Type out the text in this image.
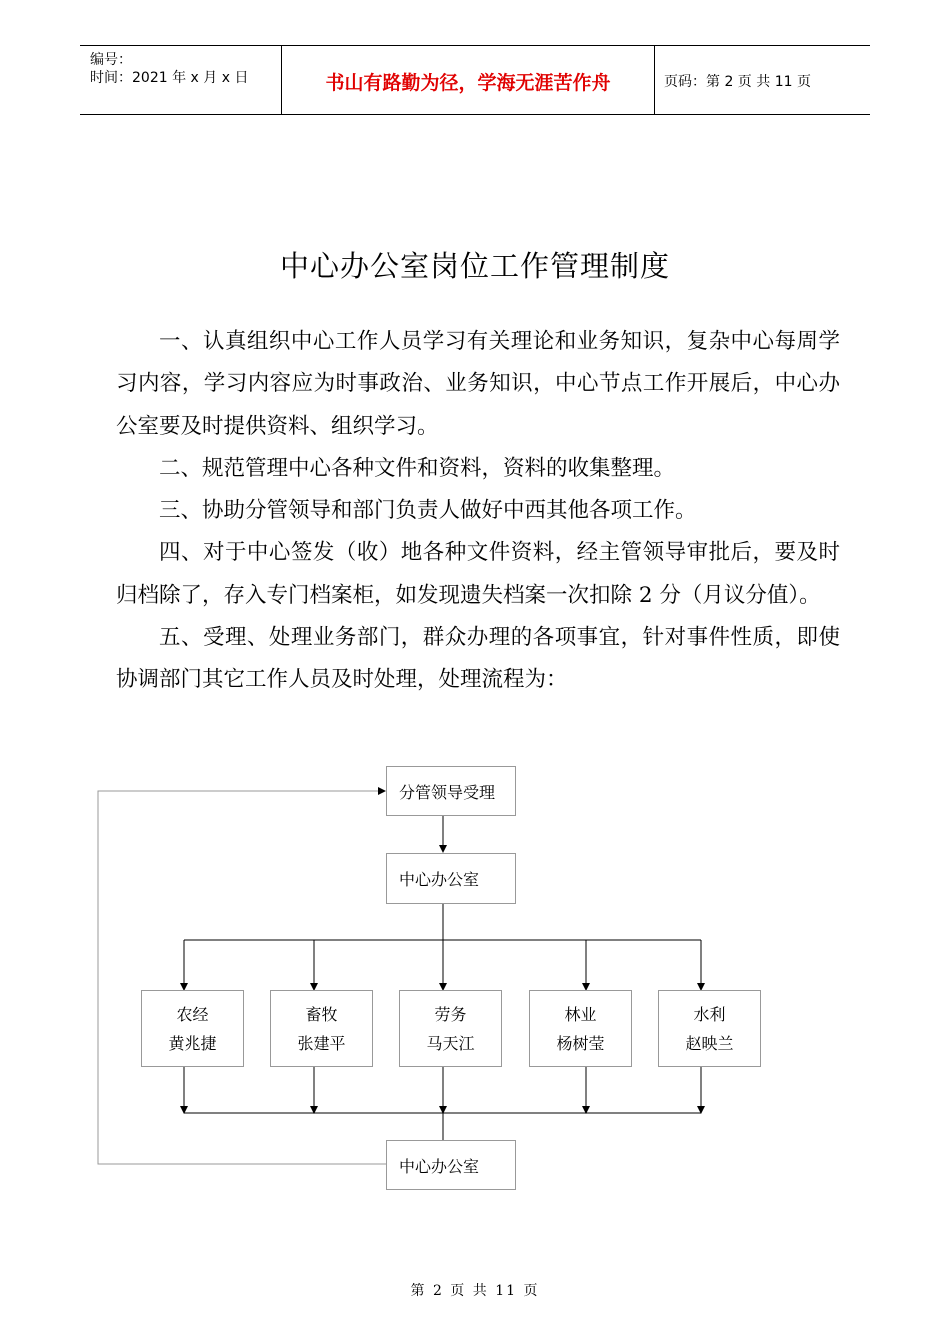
编号：
时间：2021 年 x 月 x 日	书山有路勤为径，学海无涯苦作舟	页码：第 2 页 共 11 页
中心办公室岗位工作管理制度

一、认真组织中心工作人员学习有关理论和业务知识，复杂中心每周学习内容，学习内容应为时事政治、业务知识，中心节点工作开展后，中心办公室要及时提供资料、组织学习。

二、规范管理中心各种文件和资料，资料的收集整理。

三、协助分管领导和部门负责人做好中西其他各项工作。

四、对于中心签发（收）地各种文件资料，经主管领导审批后，要及时归档除了，存入专门档案柜，如发现遗失档案一次扣除 2 分（月议分值）。

五、受理、处理业务部门，群众办理的各项事宜，针对事件性质，即使协调部门其它工作人员及时处理，处理流程为：

分管领导受理
中心办公室
农经
黄兆捷
畜牧
张建平
劳务
马天江
林业
杨树莹
水利
赵映兰
中心办公室
第 2 页 共 11 页
